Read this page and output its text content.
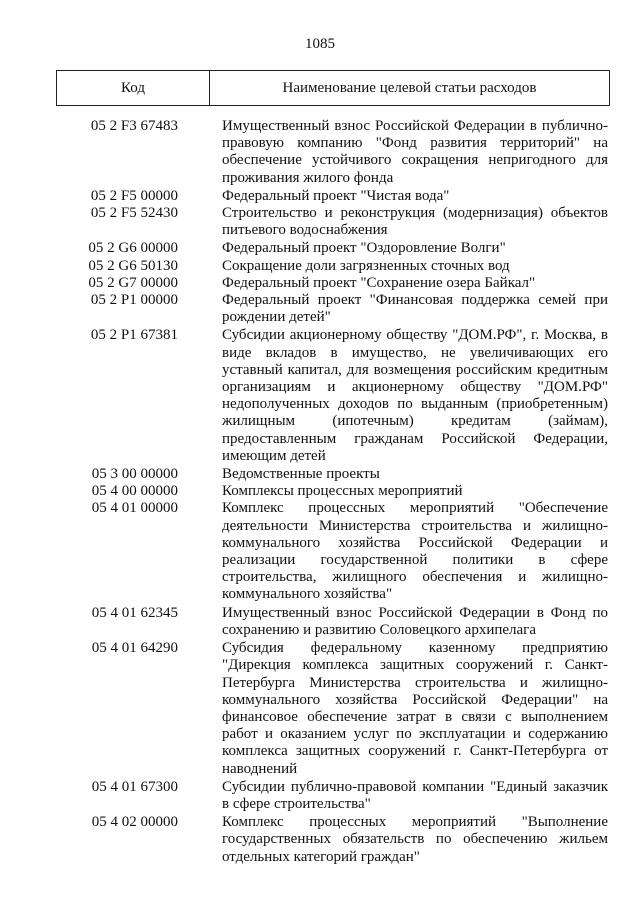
1085
Код	Наименование целевой статьи расходов
05 2 F3 67483	Имущественный взнос Российской Федерации в публично-правовую компанию "Фонд развития территорий" на обеспечение устойчивого сокращения непригодного для проживания жилого фонда
05 2 F5 00000	Федеральный проект "Чистая вода"
05 2 F5 52430	Строительство и реконструкция (модернизация) объектов питьевого водоснабжения
05 2 G6 00000	Федеральный проект "Оздоровление Волги"
05 2 G6 50130	Сокращение доли загрязненных сточных вод
05 2 G7 00000	Федеральный проект "Сохранение озера Байкал"
05 2 P1 00000	Федеральный проект "Финансовая поддержка семей при рождении детей"
05 2 P1 67381	Субсидии акционерному обществу "ДОМ.РФ", г. Москва, в виде вкладов в имущество, не увеличивающих его уставный капитал, для возмещения российским кредитным организациям и акционерному обществу "ДОМ.РФ" недополученных доходов по выданным (приобретенным) жилищным (ипотечным) кредитам (займам), предоставленным гражданам Российской Федерации, имеющим детей
05 3 00 00000	Ведомственные проекты
05 4 00 00000	Комплексы процессных мероприятий
05 4 01 00000	Комплекс процессных мероприятий "Обеспечение деятельности Министерства строительства и жилищно-коммунального хозяйства Российской Федерации и реализации государственной политики в сфере строительства, жилищного обеспечения и жилищно-коммунального хозяйства"
05 4 01 62345	Имущественный взнос Российской Федерации в Фонд по сохранению и развитию Соловецкого архипелага
05 4 01 64290	Субсидия федеральному казенному предприятию "Дирекция комплекса защитных сооружений г. Санкт-Петербурга Министерства строительства и жилищно-коммунального хозяйства Российской Федерации" на финансовое обеспечение затрат в связи с выполнением работ и оказанием услуг по эксплуатации и содержанию комплекса защитных сооружений г. Санкт-Петербурга от наводнений
05 4 01 67300	Субсидии публично-правовой компании "Единый заказчик в сфере строительства"
05 4 02 00000	Комплекс процессных мероприятий "Выполнение государственных обязательств по обеспечению жильем отдельных категорий граждан"
